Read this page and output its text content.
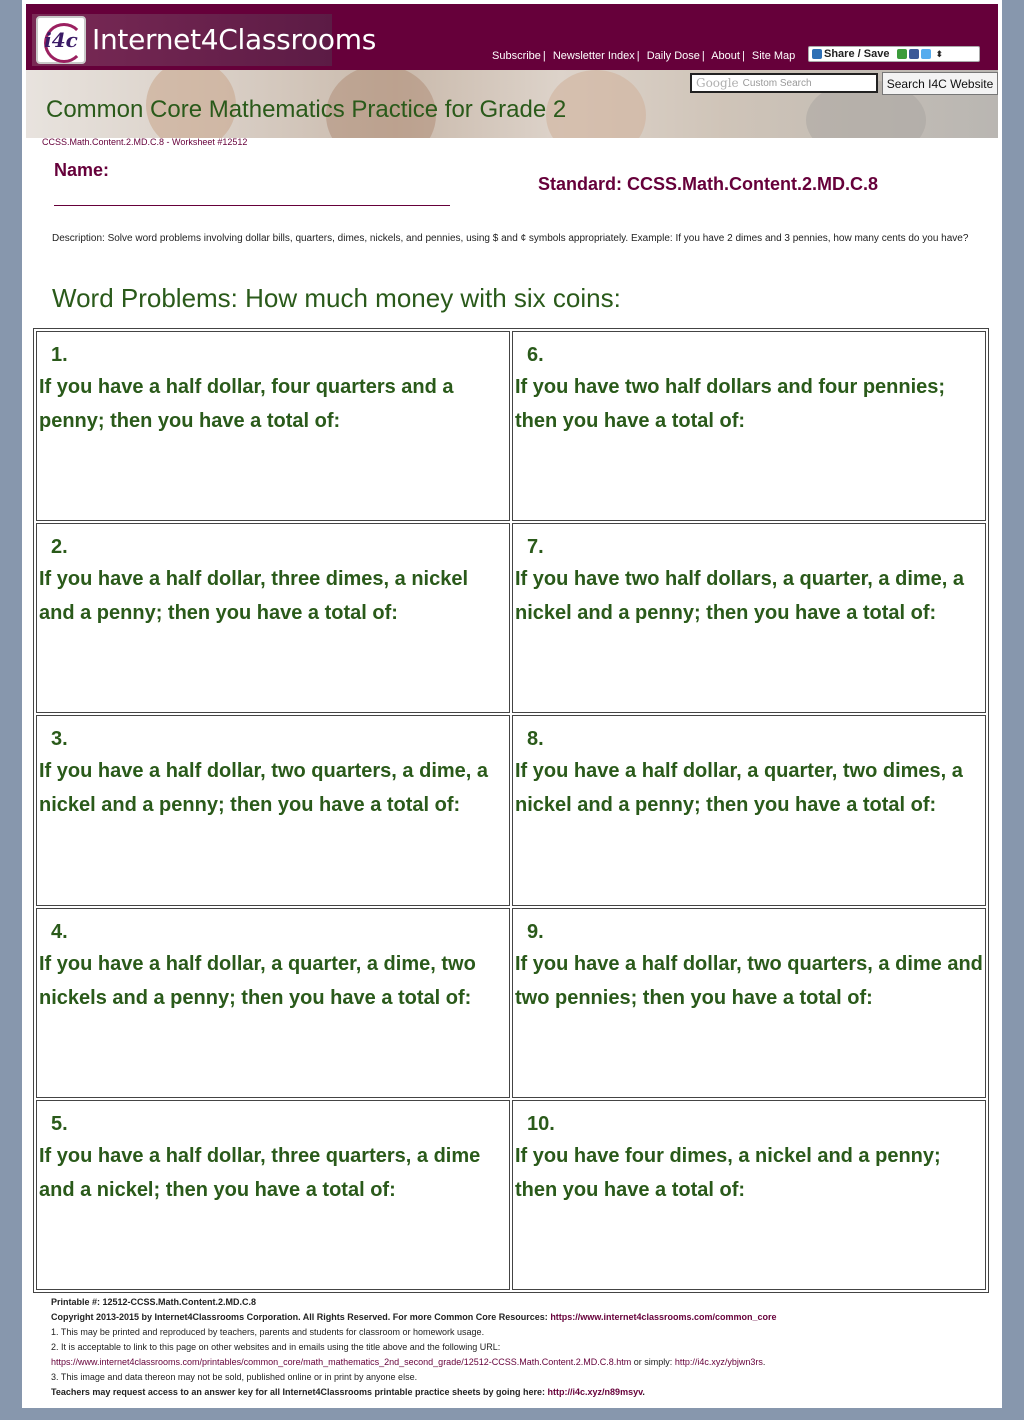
i4c Internet4Classrooms	Subscribe | Newsletter Index | Daily Dose | About | Site Map	Share / Save	⬍
Google Custom Search	Search I4C Website
Common Core Mathematics Practice for Grade 2
CCSS.Math.Content.2.MD.C.8 - Worksheet #12512
Name:
Standard: CCSS.Math.Content.2.MD.C.8
Description: Solve word problems involving dollar bills, quarters, dimes, nickels, and pennies, using $ and ¢ symbols appropriately. Example: If you have 2 dimes and 3 pennies, how many cents do you have?
Word Problems: How much money with six coins:
1.
If you have a half dollar, four quarters and a penny; then you have a total of:
6.
If you have two half dollars and four pennies; then you have a total of:
2.
If you have a half dollar, three dimes, a nickel and a penny; then you have a total of:
7.
If you have two half dollars, a quarter, a dime, a nickel and a penny; then you have a total of:
3.
If you have a half dollar, two quarters, a dime, a nickel and a penny; then you have a total of:
8.
If you have a half dollar, a quarter, two dimes, a nickel and a penny; then you have a total of:
4.
If you have a half dollar, a quarter, a dime, two nickels and a penny; then you have a total of:
9.
If you have a half dollar, two quarters, a dime and two pennies; then you have a total of:
5.
If you have a half dollar, three quarters, a dime and a nickel; then you have a total of:
10.
If you have four dimes, a nickel and a penny; then you have a total of:
Printable #: 12512-CCSS.Math.Content.2.MD.C.8
Copyright 2013-2015 by Internet4Classrooms Corporation. All Rights Reserved. For more Common Core Resources: https://www.internet4classrooms.com/common_core
1. This may be printed and reproduced by teachers, parents and students for classroom or homework usage.
2. It is acceptable to link to this page on other websites and in emails using the title above and the following URL:
https://www.internet4classrooms.com/printables/common_core/math_mathematics_2nd_second_grade/12512-CCSS.Math.Content.2.MD.C.8.htm or simply: http://i4c.xyz/ybjwn3rs.
3. This image and data thereon may not be sold, published online or in print by anyone else.
Teachers may request access to an answer key for all Internet4Classrooms printable practice sheets by going here: http://i4c.xyz/n89msyv.
